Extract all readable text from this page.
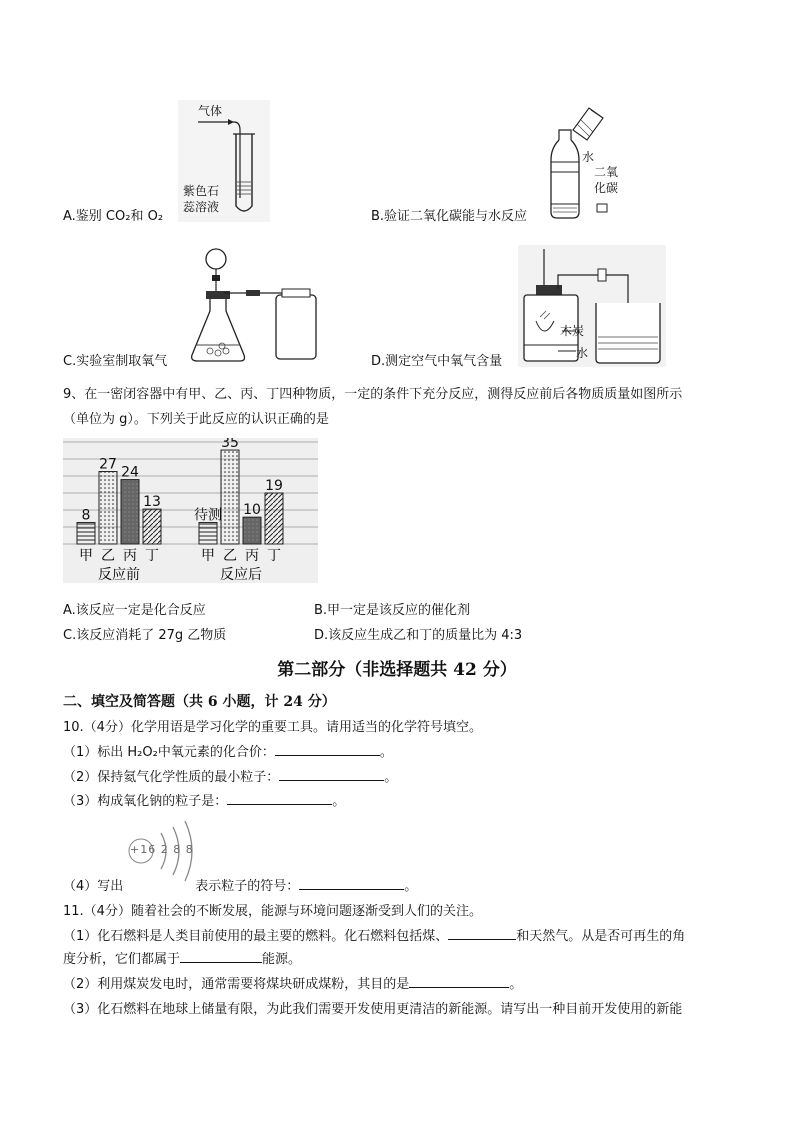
气体
紫色石
蕊溶液
A.鉴别 CO₂和 O₂
水
二氧
化碳
B.验证二氧化碳能与水反应
C.实验室制取氧气
木炭
水
D.测定空气中氧气含量
9、在一密闭容器中有甲、乙、丙、丁四种物质，一定的条件下充分反应，测得反应前后各物质质量如图所示
（单位为 g）。下列关于此反应的认识正确的是
8
甲
27
乙
24
丙
13
丁
反应前
待测
甲
35
乙
10
丙
19
丁
反应后
A.该反应一定是化合反应	B.甲一定是该反应的催化剂
C.该反应消耗了 27g 乙物质	D.该反应生成乙和丁的质量比为 4:3
第二部分（非选择题共 42 分）
二、填空及简答题（共 6 小题，计 24 分）
10.（4分）化学用语是学习化学的重要工具。请用适当的化学符号填空。
（1）标出 H₂O₂中氧元素的化合价：	。
（2）保持氦气化学性质的最小粒子：	。
（3）构成氧化钠的粒子是：	。
+16 2 8 8
（4）写出	表示粒子的符号：	。
11.（4分）随着社会的不断发展，能源与环境问题逐渐受到人们的关注。
（1）化石燃料是人类目前使用的最主要的燃料。化石燃料包括煤、	和天然气。从是否可再生的角
度分析，它们都属于	能源。
（2）利用煤炭发电时，通常需要将煤块研成煤粉，其目的是	。
（3）化石燃料在地球上储量有限，为此我们需要开发使用更清洁的新能源。请写出一种目前开发使用的新能
